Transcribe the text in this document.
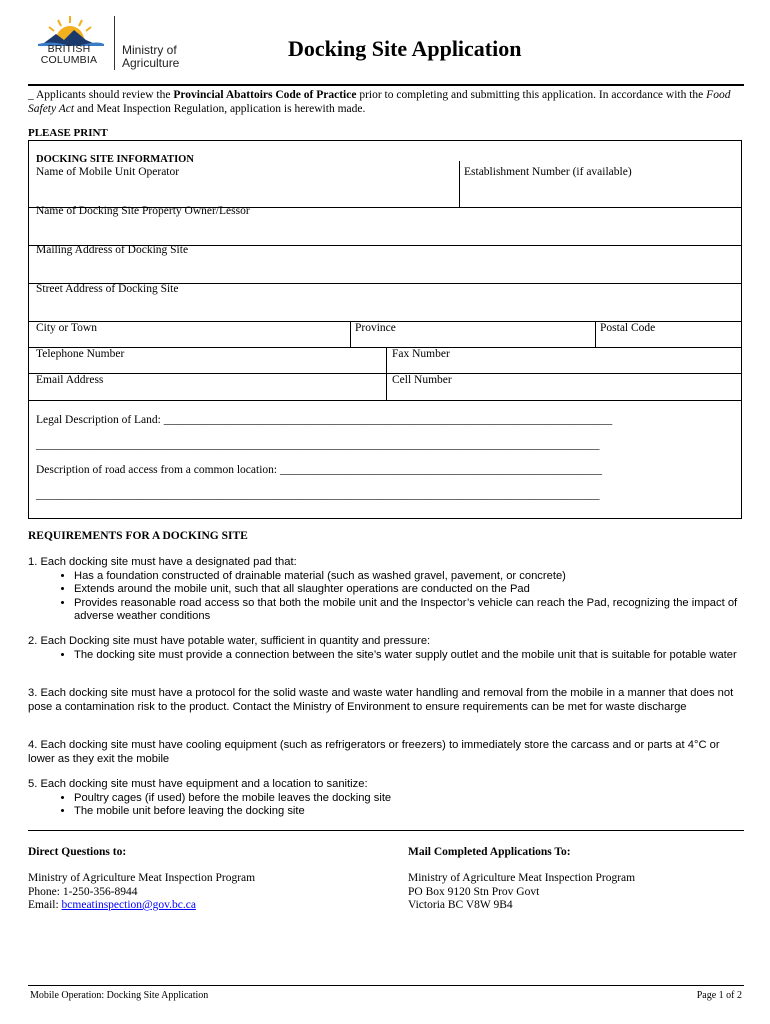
BRITISH
COLUMBIA
Ministry of
Agriculture
Docking Site Application
_ Applicants should review the Provincial Abattoirs Code of Practice prior to completing and submitting this application. In accordance with the Food Safety Act and Meat Inspection Regulation, application is herewith made.
PLEASE PRINT
DOCKING SITE INFORMATION
Name of Mobile Unit Operator	Establishment Number (if available)
Name of Docking Site Property Owner/Lessor
Mailing Address of Docking Site
Street Address of Docking Site
City or Town	Province	Postal Code
Telephone Number	Fax Number
Email Address	Cell Number
Legal Description of Land: ______________________________________________________________________________
__________________________________________________________________________________________________
Description of road access from a common location: ________________________________________________________
__________________________________________________________________________________________________
REQUIREMENTS FOR A DOCKING SITE
1. Each docking site must have a designated pad that:
• Has a foundation constructed of drainable material (such as washed gravel, pavement, or concrete)
• Extends around the mobile unit, such that all slaughter operations are conducted on the Pad
• Provides reasonable road access so that both the mobile unit and the Inspector’s vehicle can reach the Pad, recognizing the impact of adverse weather conditions
2. Each Docking site must have potable water, sufficient in quantity and pressure:
• The docking site must provide a connection between the site’s water supply outlet and the mobile unit that is suitable for potable water
3. Each docking site must have a protocol for the solid waste and waste water handling and removal from the mobile in a manner that does not pose a contamination risk to the product. Contact the Ministry of Environment to ensure requirements can be met for waste discharge
4. Each docking site must have cooling equipment (such as refrigerators or freezers) to immediately store the carcass and or parts at 4°C or lower as they exit the mobile
5. Each docking site must have equipment and a location to sanitize:
• Poultry cages (if used) before the mobile leaves the docking site
• The mobile unit before leaving the docking site
Direct Questions to:
Ministry of Agriculture Meat Inspection Program
Phone: 1-250-356-8944
Email: bcmeatinspection@gov.bc.ca
Mail Completed Applications To:
Ministry of Agriculture Meat Inspection Program
PO Box 9120 Stn Prov Govt
Victoria BC V8W 9B4
Mobile Operation: Docking Site Application	Page 1 of 2
